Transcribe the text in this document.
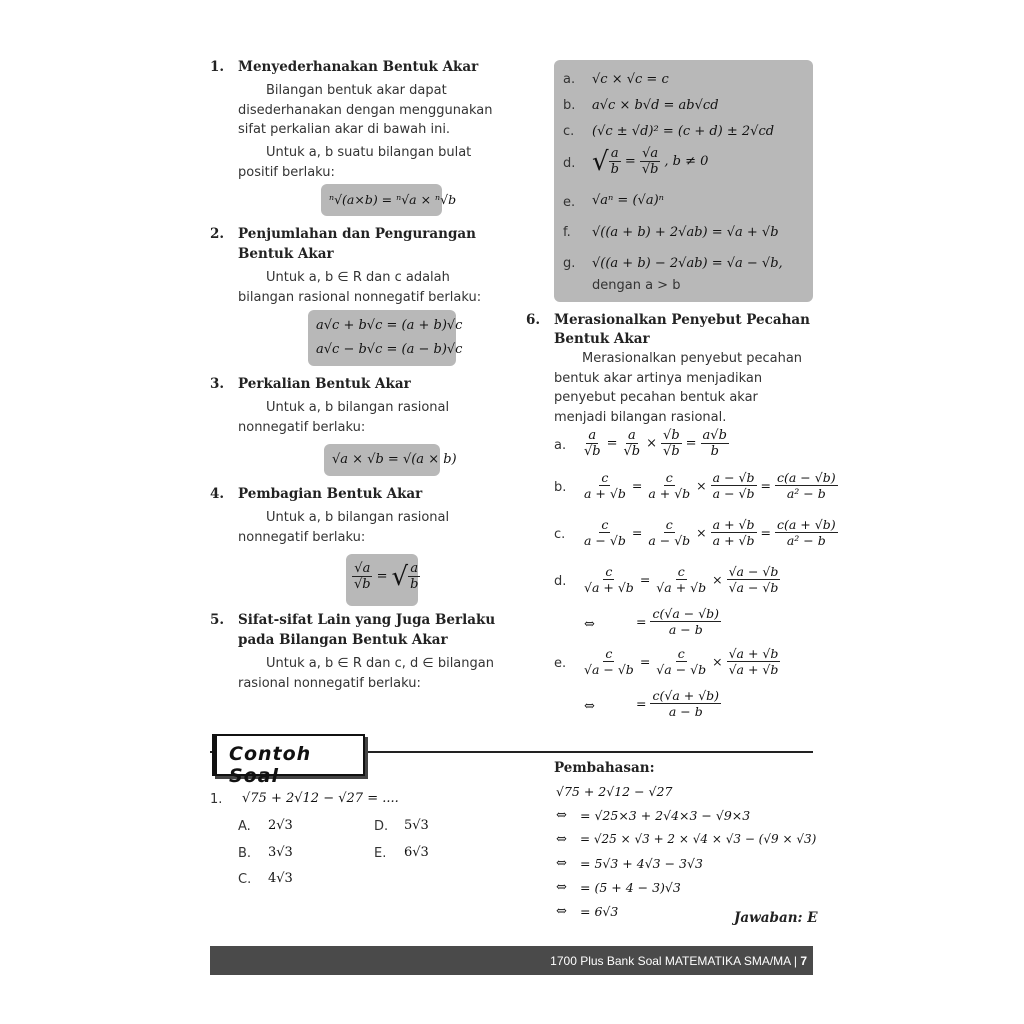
1. Menyederhanakan Bentuk Akar
Bilangan bentuk akar dapat disederhanakan dengan menggunakan sifat perkalian akar di bawah ini.
Untuk a, b suatu bilangan bulat positif berlaku:
ⁿ√(a×b) = ⁿ√a × ⁿ√b
2. Penjumlahan dan Pengurangan
Bentuk Akar
Untuk a, b ∈ R dan c adalah bilangan rasional nonnegatif berlaku:
a√c + b√c = (a + b)√c
a√c − b√c = (a − b)√c
3. Perkalian Bentuk Akar
Untuk a, b bilangan rasional nonnegatif berlaku:
√a × √b = √(a × b)
4. Pembagian Bentuk Akar
Untuk a, b bilangan rasional nonnegatif berlaku:
$\frac{√a}{√b}$ = √ $\frac{a}{b}$
5. Sifat-sifat Lain yang Juga Berlaku
pada Bilangan Bentuk Akar
Untuk a, b ∈ R dan c, d ∈ bilangan rasional nonnegatif berlaku:
a. √c × √c = c
b. a√c × b√d = ab√cd
c. (√c ± √d)² = (c + d) ± 2√cd
d. √ $\frac{a}{b} = \frac{√a}{√b}$ , b ≠ 0
e. √aⁿ = (√a)ⁿ
f. √((a + b) + 2√ab) = √a + √b
g. √((a + b) − 2√ab) = √a − √b,
dengan a > b
6. Merasionalkan Penyebut Pecahan
Bentuk Akar
Merasionalkan penyebut pecahan bentuk akar artinya menjadikan penyebut pecahan bentuk akar menjadi bilangan rasional.
a. $\frac{a}{√b} = \frac{a}{√b} \times \frac{√b}{√b} = \frac{a√b}{b}$
b. $\frac{c}{a + √b} = \frac{c}{a + √b} \times \frac{a - √b}{a - √b} = \frac{c(a - √b)}{\text{a² − b}}$
c. $\frac{c}{a - √b} = \frac{c}{a - √b} \times \frac{a + √b}{a + √b} = \frac{c(a + √b)}{\text{a² − b}}$
d. $\frac{c}{√a + √b} = \frac{c}{√a + √b} \times \frac{√a - √b}{√a - √b}$
⇔	= $\frac{c(√a - √b)}{a - b}$
e. $\frac{c}{√a - √b} = \frac{c}{√a - √b} \times \frac{√a + √b}{√a + √b}$
⇔	= $\frac{c(√a + √b)}{a - b}$
Contoh Soal
1. √75 + 2√12 − √27 = ....
A. 2√3
B. 3√3
C. 4√3
D. 5√3
E. 6√3
Pembahasan:
√75 + 2√12 − √27
⇔ = √25×3 + 2√4×3 − √9×3
⇔ = √25 × √3 + 2 × √4 × √3 − (√9 × √3)
⇔ = 5√3 + 4√3 − 3√3
⇔ = (5 + 4 − 3)√3
⇔ = 6√3	Jawaban: E
1700 Plus Bank Soal MATEMATIKA SMA/MA | 7
